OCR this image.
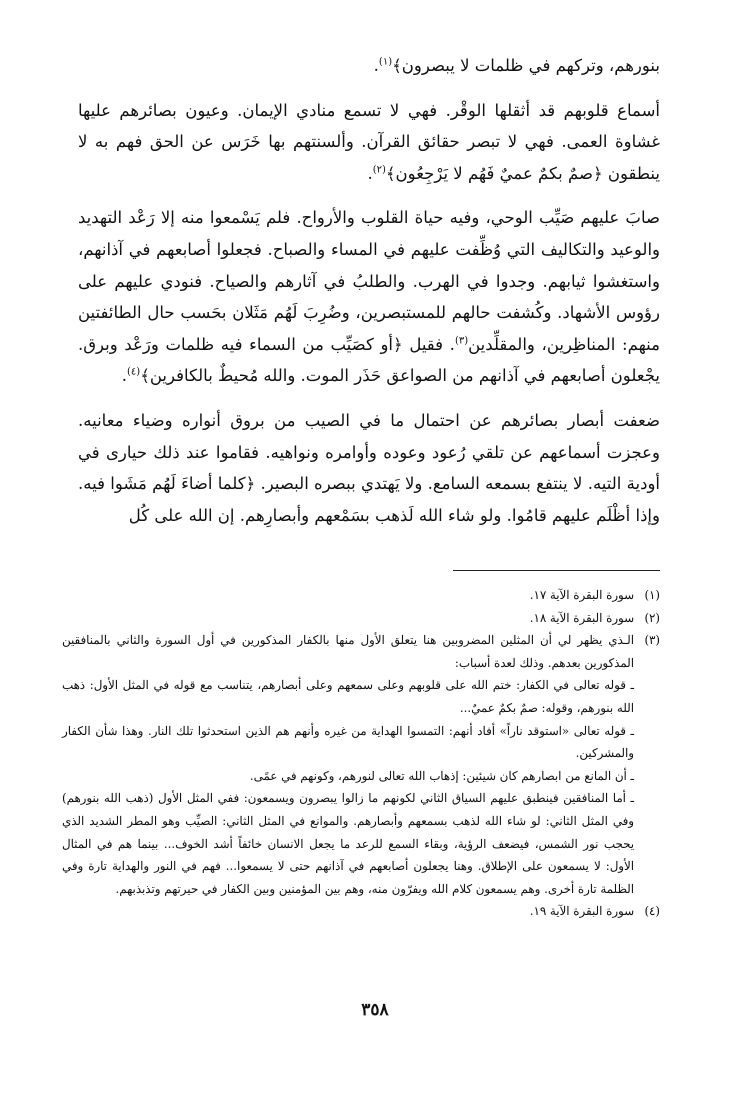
بنورهم، وتركهم في ظلمات لا يبصرون﴾$^{(١)}$.

أسماع قلوبهم قد أثقلها الوقْر. فهي لا تسمع منادي الإيمان. وعيون بصائرهم عليها غشاوة العمى. فهي لا تبصر حقائق القرآن. وألسنتهم بها خَرَس عن الحق فهم به لا ينطقون ﴿صمٌ بكمٌ عميٌ فَهُم لا يَرْجِعُون﴾$^{(٢)}$.

صابَ عليهم صَيِّب الوحي، وفيه حياة القلوب والأرواح. فلم يَسْمعوا منه إلا رَعْد التهديد والوعيد والتكاليف التي وُظِّفت عليهم في المساء والصباح. فجعلوا أصابعهم في آذانهم، واستغشوا ثيابهم. وجدوا في الهرب. والطلبُ في آثارهم والصياح. فنودي عليهم على رؤوس الأشهاد. وكُشفت حالهم للمستبصرين، وضُرِبَ لَهُم مَثَلان بحَسب حال الطائفتين منهم: المناظِرين، والمقلِّدين$^{(٣)}$. فقيل ﴿أو كصَيِّب من السماء فيه ظلمات ورَعْد وبرق. يجْعلون أصابعهم في آذانهم من الصواعق حَذَر الموت. والله مُحيطٌ بالكافرين﴾$^{(٤)}$.

ضعفت أبصار بصائرهم عن احتمال ما في الصيب من بروق أنواره وضياء معانيه. وعجزت أسماعهم عن تلقي رُعود وعوده وأوامره ونواهيه. فقاموا عند ذلك حيارى في أودية التيه. لا ينتفع بسمعه السامع. ولا يَهتدي ببصره البصير. ﴿كلما أضاءَ لَهُم مَشَوا فيه. وإذا أظْلَم عليهم قامُوا. ولو شاء الله لَذهب بسَمْعهم وأبصارِهم. إن الله على كُل

(١)
سورة البقرة الآية ١٧.
(٢)
سورة البقرة الآية ١٨.
(٣)
الـذي يظهر لي أن المثلين المضروبين هنا يتعلق الأول منها بالكفار المذكورين في أول السورة والثاني بالمنافقين المذكورين بعدهم. وذلك لعدة أسباب:
ـ قوله تعالى في الكفار: ختم الله على قلوبهم وعلى سمعهم وعلى أبصارهم، يتناسب مع قوله في المثل الأول: ذهب الله بنورهم، وقوله: صمٌ بكمٌ عميٌ...
ـ قوله تعالى «استوقد ناراً» أفاد أنهم: التمسوا الهداية من غيره وأنهم هم الذين استحدثوا تلك النار. وهذا شأن الكفار والمشركين.
ـ أن المانع من ابصارهم كان شيئين: إذهاب الله تعالى لنورهم، وكونهم في عمًى.
ـ أما المنافقين فينطبق عليهم السياق الثاني لكونهم ما زالوا يبصرون ويسمعون: ففي المثل الأول (ذهب الله بنورهم) وفي المثل الثاني: لو شاء الله لذهب بسمعهم وأبصارهم. والموانع في المثل الثاني: الصيِّب وهو المطر الشديد الذي يحجب نور الشمس، فيضعف الرؤية، وبقاء السمع للرعد ما يجعل الانسان خائفاً أشد الخوف... بينما هم في المثال الأول: لا يسمعون على الإطلاق. وهنا يجعلون أصابعهم في آذانهم حتى لا يسمعوا... فهم في النور والهداية تارة وفي الظلمة تارة أخرى. وهم يسمعون كلام الله ويفرّون منه، وهم بين المؤمنين وبين الكفار في حيرتهم وتذبذبهم.
(٤)
سورة البقرة الآية ١٩.
٣٥٨
